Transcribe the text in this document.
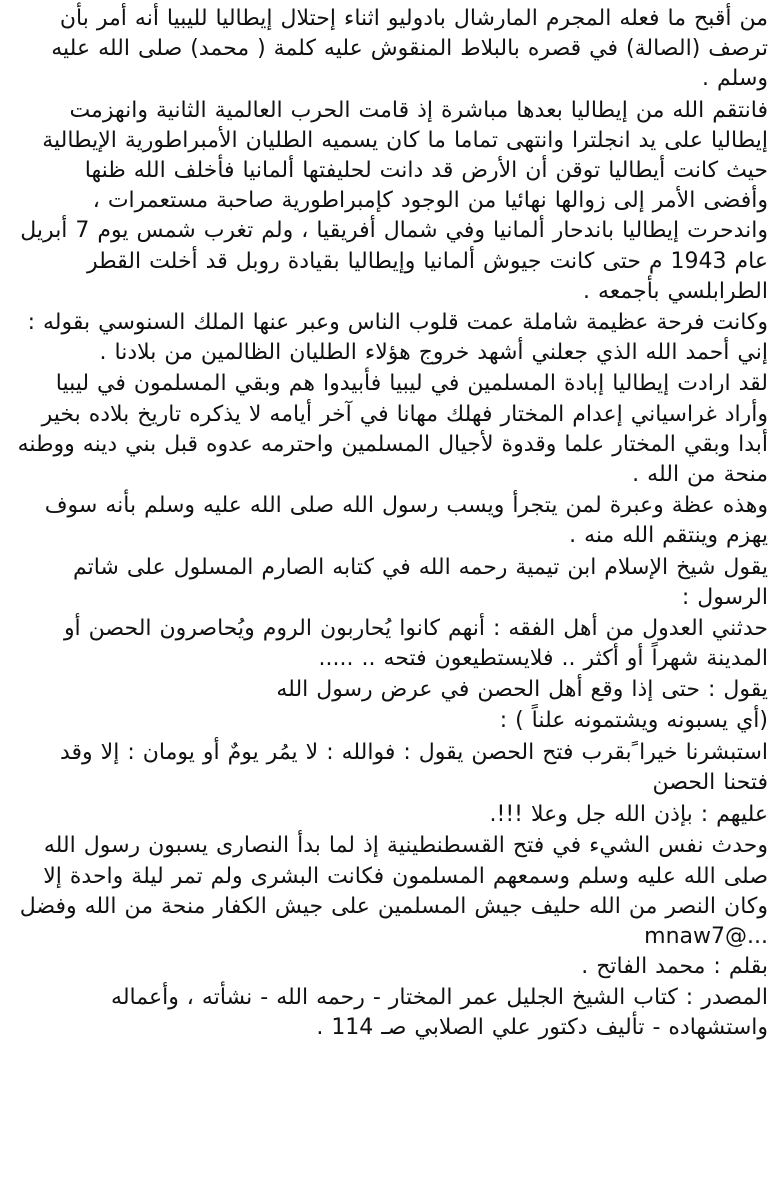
من أقبح ما فعله المجرم المارشال بادوليو اثناء إحتلال إيطاليا لليبيا أنه أمر بأن ترصف (الصالة) في قصره بالبلاط المنقوش عليه كلمة ( محمد) صلى الله عليه وسلم .

فانتقم الله من إيطاليا بعدها مباشرة إذ قامت الحرب العالمية الثانية وانهزمت إيطاليا على يد انجلترا وانتهى تماما ما كان يسميه الطليان الأمبراطورية الإيطالية حيث كانت أيطاليا توقن أن الأرض قد دانت لحليفتها ألمانيا فأخلف الله ظنها وأفضى الأمر إلى زوالها نهائيا من الوجود كإمبراطورية صاحبة مستعمرات ، واندحرت إيطاليا باندحار ألمانيا وفي شمال أفريقيا ، ولم تغرب شمس يوم 7 أبريل عام 1943 م حتى كانت جيوش ألمانيا وإيطاليا بقيادة روبل قد أخلت القطر الطرابلسي بأجمعه .

وكانت فرحة عظيمة شاملة عمت قلوب الناس وعبر عنها الملك السنوسي بقوله : إني أحمد الله الذي جعلني أشهد خروج هؤلاء الطليان الظالمين من بلادنا .

لقد ارادت إيطاليا إبادة المسلمين في ليبيا فأبيدوا هم وبقي المسلمون في ليبيا وأراد غراسياني إعدام المختار فهلك مهانا في آخر أيامه لا يذكره تاريخ بلاده بخير أبدا وبقي المختار علما وقدوة لأجيال المسلمين واحترمه عدوه قبل بني دينه ووطنه منحة من الله .

وهذه عظة وعبرة لمن يتجرأ ويسب رسول الله صلى الله عليه وسلم بأنه سوف يهزم وينتقم الله منه .

يقول شيخ الإسلام ابن تيمية رحمه الله في كتابه الصارم المسلول على شاتم الرسول :

حدثني العدول من أهل الفقه : أنهم كانوا يُحاربون الروم ويُحاصرون الحصن أو المدينة شهراً أو أكثر .. فلايستطيعون فتحه .. .....

يقول : حتى إذا وقع أهل الحصن في عرض رسول الله

(أي يسبونه ويشتمونه علناً ) :

استبشرنا خيرا ًبقرب فتح الحصن يقول : فوالله : لا يمُر يومٌ أو يومان : إلا وقد فتحنا الحصن

عليهم : بإذن الله جل وعلا !!!.

وحدث نفس الشيء في فتح القسطنطينية إذ لما بدأ النصارى يسبون رسول الله صلى الله عليه وسلم وسمعهم المسلمون فكانت البشرى ولم تمر ليلة واحدة إلا وكان النصر من الله حليف جيش المسلمين على جيش الكفار منحة من الله وفضل ...@mnaw7

بقلم : محمد الفاتح .

المصدر : كتاب الشيخ الجليل عمر المختار - رحمه الله - نشأته ، وأعماله واستشهاده - تأليف دكتور علي الصلابي صـ 114 .
